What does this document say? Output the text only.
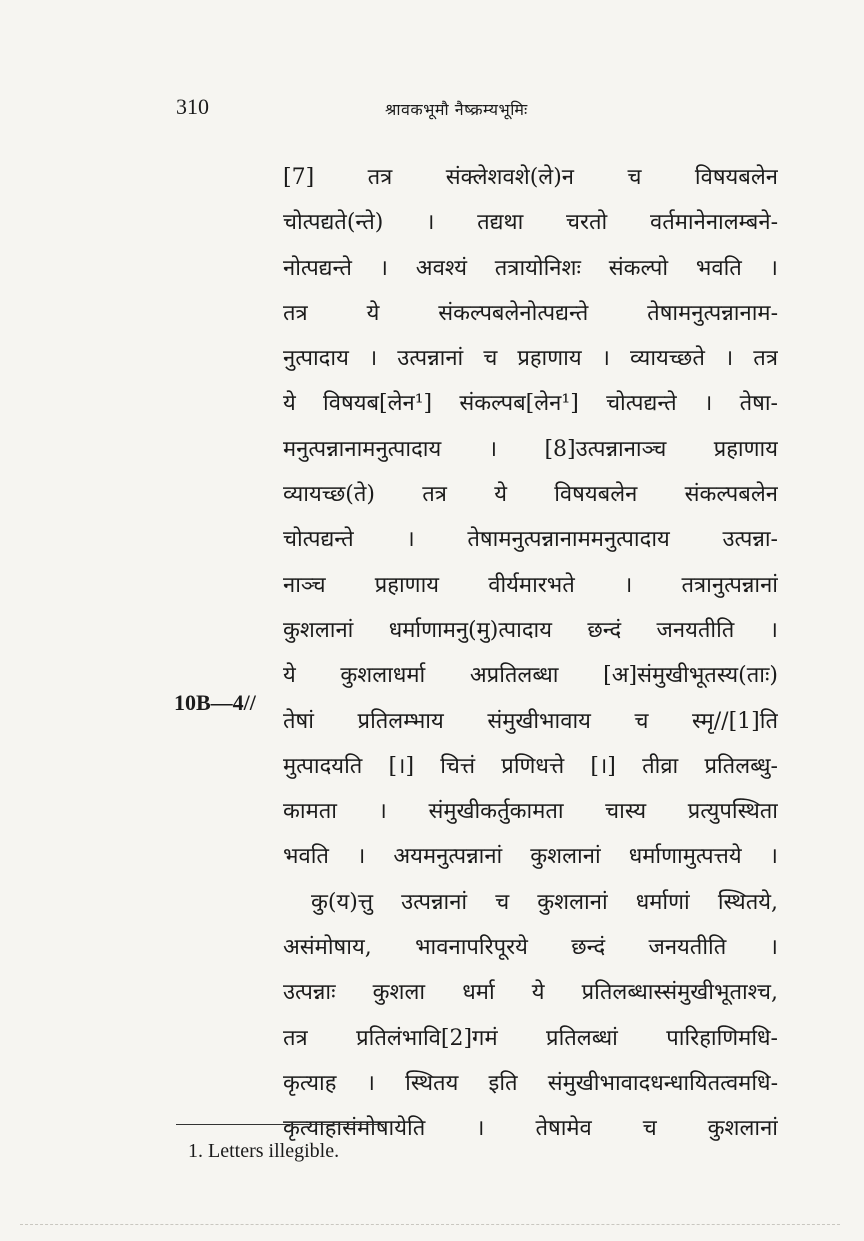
310	श्रावकभूमौ नैष्क्रम्यभूमिः
10B—4//
[7] तत्र संक्लेशवशे(ले)न च विषयबलेन
चोत्पद्यते(न्ते) । तद्यथा चरतो वर्तमानेनालम्बने-
नोत्पद्यन्ते । अवश्यं तत्रायोनिशः संकल्पो भवति ।
तत्र ये संकल्पबलेनोत्पद्यन्ते तेषामनुत्पन्नानाम-
नुत्पादाय । उत्पन्नानां च प्रहाणाय । व्यायच्छते । तत्र
ये विषयब[लेन¹] संकल्पब[लेन¹] चोत्पद्यन्ते । तेषा-
मनुत्पन्नानामनुत्पादाय । [8]उत्पन्नानाञ्च प्रहाणाय
व्यायच्छ(ते) तत्र ये विषयबलेन संकल्पबलेन
चोत्पद्यन्ते । तेषामनुत्पन्नानाममनुत्पादाय उत्पन्ना-
नाञ्च प्रहाणाय वीर्यमारभते । तत्रानुत्पन्नानां
कुशलानां धर्माणामनु(मु)त्पादाय छन्दं जनयतीति ।
ये कुशलाधर्मा अप्रतिलब्धा [अ]संमुखीभूतस्य(ताः)
तेषां प्रतिलम्भाय संमुखीभावाय च स्मृ//[1]ति
मुत्पादयति [।] चित्तं प्रणिधत्ते [।] तीव्रा प्रतिलब्धु-
कामता । संमुखीकर्तुकामता चास्य प्रत्युपस्थिता
भवति । अयमनुत्पन्नानां कुशलानां धर्माणामुत्पत्तये ।
कु(य)त्तु उत्पन्नानां च कुशलानां धर्माणां स्थितये,
असंमोषाय, भावनापरिपूरये छन्दं जनयतीति ।
उत्पन्नाः कुशला धर्मा ये प्रतिलब्धास्संमुखीभूताश्च,
तत्र प्रतिलंभावि[2]गमं प्रतिलब्धां पारिहाणिमधि-
कृत्याह । स्थितय इति संमुखीभावादधन्धायितत्वमधि-
कृत्याहासंमोषायेति । तेषामेव च कुशलानां
1. Letters illegible.
